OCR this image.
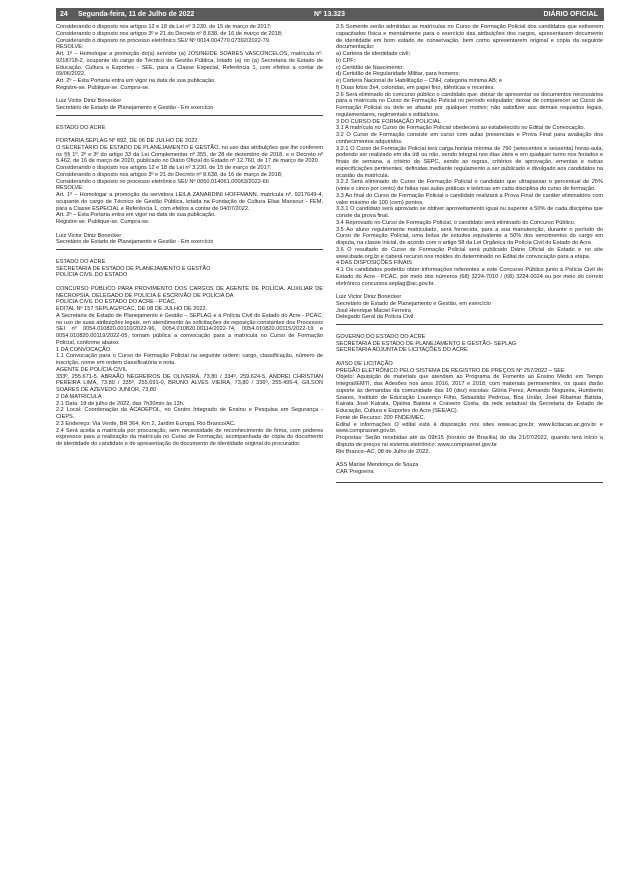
24	Segunda-feira, 11 de Julho de 2022	Nº 13.323	DIÁRIO OFICIAL

Considerando o disposto nos artigos 12 e 18 da Lei nº 3.230, de 15 de março de 2017;

Considerando o disposto nos artigos 3º e 21 do Decreto nº 8.638, de 16 de março de 2018;

Considerando o disposto no processo eletrônico SEI/ Nº 0014.004770.07392/2022-79.

RESOLVE:

Art. 1º – Homologar a promoção do(a) servidor (a) JOSINEIDE SOARES VASCONCELOS, matrícula nº. 9218718-2, ocupante do cargo de Técnico de Gestão Pública, lotado (a) no (a) Secretaria de Estado de Educação, Cultura e Esportes - SEE, para a Classe Especial, Referência 1, com efeitos a contar de 09/06/2022.

Art. 2º – Esta Portaria entra em vigor na data de sua publicação.

Registre-se. Publique-se. Cumpra-se.

Luiz Victor Diniz Bonecker

Secretário de Estado de Planejamento e Gestão - Em exercício

ESTADO DO ACRE

PORTARIA SEPLAG Nº 892, DE 06 DE JULHO DE 2022

O SECRETÁRIO DE ESTADO DE PLANEJAMENTO E GESTÃO, no uso das atribuições que lhe conferem os §§ 1º, 2º e 3º do artigo 33 da Lei Complementar nº 355, de 28 de dezembro de 2018, e o Decreto nº 5.462, de 16 de março de 2020, publicado no Diário Oficial do Estado nº 12.760, de 17 de março de 2020.

Considerando o disposto nos artigos 12 e 18 da Lei nº 3.230, de 15 de março de 2017;

Considerando o disposto nos artigos 3º e 21 do Decreto nº 8.638, de 16 de março de 2018;

Considerando o disposto no processo eletrônico SEI/ Nº 0050.014061.00063/2022-66

RESOLVE:

Art. 1º – Homologar a promoção da servidora LEILA ZANARDINI HOFFMANN, matrícula nº. 9217649-4, ocupante do cargo de Técnico de Gestão Pública, lotada na Fundação de Cultura Elias Mansour - FEM, para a Classe ESPECIAL e Referência 1, com efeitos a contar de 04/07/2022.

Art. 2º – Esta Portaria entra em vigor na data de sua publicação.

Registre-se. Publique-se. Cumpra-se.

Luiz Victor Diniz Bonecker

Secretário de Estado de Planejamento e Gestão - Em exercício

ESTADO DO ACRE

SECRETARIA DE ESTADO DE PLANEJAMENTO E GESTÃO

POLÍCIA CIVIL DO ESTADO

CONCURSO PÚBLICO PARA PROVIMENTO DOS CARGOS DE AGENTE DE POLÍCIA, AUXILIAR DE NECROPSIA, DELEGADO DE POLÍCIA E ESCRIVÃO DE POLÍCIA DA

POLÍCIA CIVIL DO ESTADO DO ACRE - PCAC.

EDITAL Nº 157 SEPLAG/PCAC, DE 08 DE JULHO DE 2022.

A Secretaria de Estado de Planejamento e Gestão – SEPLAG e a Polícia Civil do Estado do Acre - PCAC, no uso de suas atribuições legais, em atendimento às solicitações de reposição constantes dos Processos SEI nº 0054.010820.00110/2022-96, 0054.010820.00114/2022-74, 0054.010820.00115/2022-19 e 0054.010820.00119/2022-05, tornam pública a convocação para a matrícula no Curso de Formação Policial, conforme abaixo.

1 DA CONVOCAÇÃO

1.1 Convocação para o Curso de Formação Policial na seguinte ordem: cargo, classificação, número de inscrição, nome em ordem classificatória e nota.

AGENTE DE POLÍCIA CIVIL

333º, 255.671-5, ABRAÃO NEGREIROS DE OLIVEIRA, 73,80 / 334º, 259.624-5, ANDREI CHRISTIAN PEREIRA LIMA, 73,80 / 335º, 255.691-0, BRUNO ALVES VIEIRA, 73,80 / 336º, 255.495-4, GILSON SOARES DE AZEVEDO JUNIOR, 73,80

2 DA MATRÍCULA

2.1 Data: 18 de julho de 2022, das 7h30min às 13h.

2.2 Local: Coordenação da ACADEPOL, no Centro Integrado de Ensino e Pesquisa em Segurança - CIEPS.

2.3 Endereço: Via Verde, BR 364, Km 2, Jardim Europa, Rio Branco/AC.

2.4 Será aceita a matrícula por procuração, sem necessidade de reconhecimento de firma, com poderes expressos para a realização da matrícula no Curso de Formação, acompanhada de cópia do documento de identidade do candidato e de apresentação do documento de identidade original do procurador.

2.5 Somente serão admitidas as matrículas no Curso de Formação Policial dos candidatos que estiverem capacitados física e mentalmente para o exercício das atribuições dos cargos, apresentarem documento de identidade em bom estado de conservação, bem como apresentarem original e cópia da seguinte documentação:

a) Carteira de identidade civil;

b) CPF;

c) Certidão de Nascimento;

d) Certidão de Regularidade Militar, para homens;

e) Carteira Nacional de Habilitação – CNH, categoria mínima AB; e

f) Duas fotos 3x4, coloridas, em papel fino, idênticas e recentes.

2.6 Será eliminado do concurso público o candidato que: deixar de apresentar os documentos necessários para a matrícula no Curso de Formação Policial no período estipulado; deixar de comparecer ao Curso de Formação Policial ou dele se afastar por qualquer motivo; não satisfizer aos demais requisitos legais, regulamentares, regimentais e editalícios.

3 DO CURSO DE FORMAÇÃO POLICIAL

3.1 A matrícula no Curso de Formação Policial obedecerá ao estabelecido no Edital de Convocação.

3.2 O Curso de Formação consiste em curso com aulas presenciais e Prova Final para avaliação dos conhecimentos adquiridos.

3.2.1 O Curso de Formação Policial terá carga horária mínima de 760 (setecentos e sessenta) horas-aula, podendo ser realizado em dia útil ou não, sendo integral nos dias úteis e em qualquer turno nos feriados e finais de semana, a critério da SEPC, sendo as regras, critérios de aprovação, ementas e outras especificações pertinentes, definidas mediante regulamento a ser publicado e divulgado aos candidatos na ocasião da matrícula.

3.2.2 Será eliminado do Curso de Formação Policial o candidato que ultrapassar o percentual de 25% (vinte e cinco por cento) de faltas nas aulas práticas e teóricas em cada disciplina do curso de formação.

3.3 Ao final do Curso de Formação Policial o candidato realizará a Prova Final de caráter eliminatório com valor máximo de 100 (cem) pontos.

3.3.1 O candidato será aprovado se obtiver aproveitamento igual ou superior a 50% de cada disciplina que conste da prova final.

3.4 Reprovado no Curso de Formação Policial, o candidato será eliminado do Concurso Público.

3.5 Ao aluno regularmente matriculado, será fornecida, para a sua manutenção, durante o período do Curso de Formação Policial, uma bolsa de estudos equivalente a 50% dos vencimentos do cargo em disputa, na classe inicial, de acordo com o artigo 58 da Lei Orgânica da Polícia Civil do Estado do Acre.

3.6 O resultado do Curso de Formação Policial será publicado Diário Oficial do Estado e no site www.ibade.org.br e caberá recurso nos moldes do determinado no Edital de convocação para a etapa.

4 DAS DISPOSIÇÕES FINAIS

4.1 Os candidatos poderão obter informações referentes a este Concurso Público junto à Polícia Civil do Estado do Acre - PCAC, por meio dos números (68) 3224-7010 / (68) 3224-0024 ou por meio do correio eletrônico concursos.seplag@ac.gov.br.

Luiz Victor Diniz Bonecker

Secretário de Estado de Planejamento e Gestão, em exercício

José Henrique Maciel Ferreira

Delegado Geral da Polícia Civil

GOVERNO DO ESTADO DO ACRE

SECRETARIA DE ESTADO DE PLANEJAMENTO E GESTÃO- SEPLAG

SECRETARIA ADJUNTA DE LICITAÇÕES DO ACRE

AVISO DE LICITAÇÃO

PREGÃO ELETRÔNICO PELO SISTEMA DE REGISTRO DE PREÇOS Nº 257/2022 – SEE

Objeto: Aquisição de materiais que atendam ao Programa de Fomento ao Ensino Médio em Tempo Integral/EMTI, das Adesões nos anos 2016, 2017 e 2018, com materiais permanentes, os quais darão suporte às demandas da comunidade das 10 (dez) escolas: Glória Perez, Armando Nogueira, Humberto Soares, Instituto de Educação Lourenço Filho, Sebastião Pedrosa, Boa União, José Ribamar Batista, Kairala José Kairala, Djalma Batista e Craveiro Costa, da rede estadual da Secretaria de Estado de Educação, Cultura e Esportes do Acre (SEE/AC).

Fonte de Recurso: 200 FNDE/MEC.

Edital e informações O edital está à disposição nos sites www.ac.gov.br, www.licitacao.ac.gov.br e www.comprasnet.gov.br.

Propostas: Serão recebidas até às 09h15 (horário de Brasília) do dia 21/07/2022, quando terá início a disputa de preços no sistema eletrônico: www.comprasnet.gov.br.

Rio Branco–AC, 08 de Julho de 2022.

ASS Marise Mendonça de Souza

CAR Pregoeira
